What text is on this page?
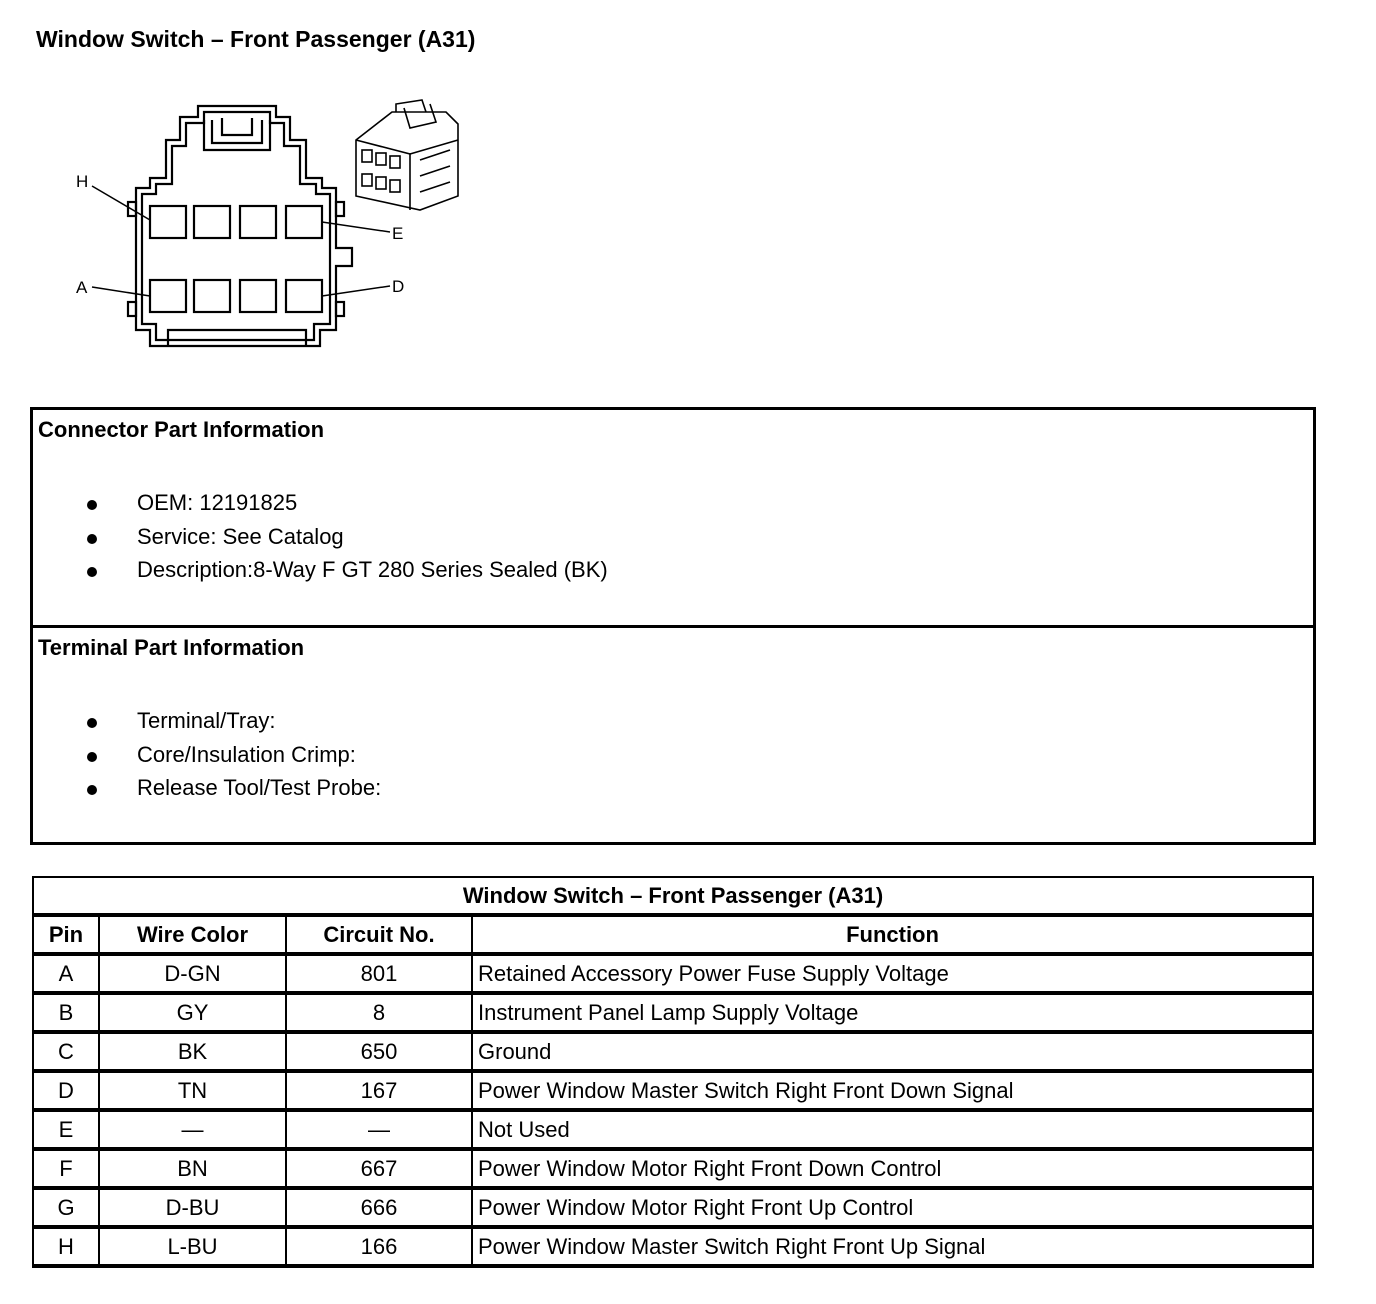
Window Switch – Front Passenger (A31)
H
E
A	D
Connector Part Information
OEM: 12191825
Service: See Catalog
Description:8-Way F GT 280 Series Sealed (BK)
Terminal Part Information
Terminal/Tray:
Core/Insulation Crimp:
Release Tool/Test Probe:
Window Switch – Front Passenger (A31)			
Pin	Wire Color	Circuit No.	Function
A	D-GN	801	Retained Accessory Power Fuse Supply Voltage
B	GY	8	Instrument Panel Lamp Supply Voltage
C	BK	650	Ground
D	TN	167	Power Window Master Switch Right Front Down Signal
E	—	—	Not Used
F	BN	667	Power Window Motor Right Front Down Control
G	D-BU	666	Power Window Motor Right Front Up Control
H	L-BU	166	Power Window Master Switch Right Front Up Signal
